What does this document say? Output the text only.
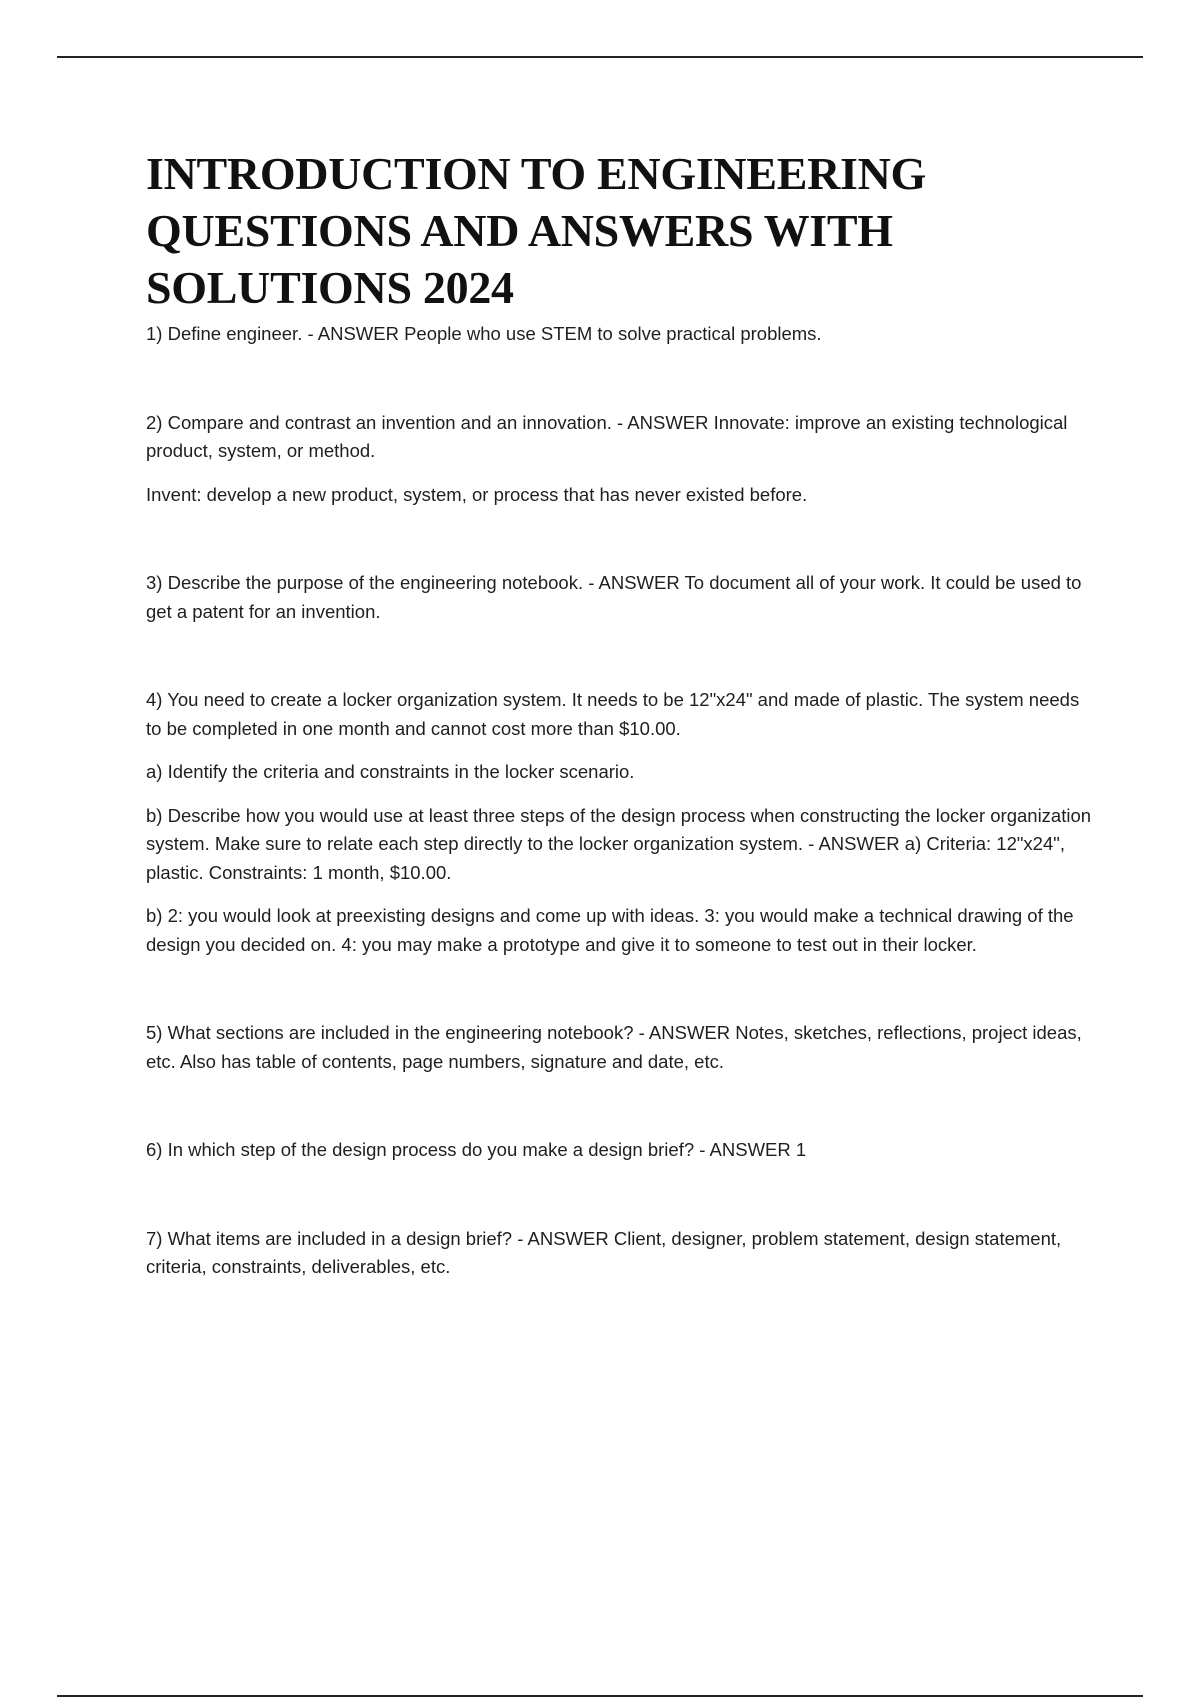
INTRODUCTION TO ENGINEERING QUESTIONS AND ANSWERS WITH SOLUTIONS 2024

1) Define engineer. - ANSWER People who use STEM to solve practical problems.

2) Compare and contrast an invention and an innovation. - ANSWER Innovate: improve an existing technological product, system, or method.

Invent: develop a new product, system, or process that has never existed before.

3) Describe the purpose of the engineering notebook. - ANSWER To document all of your work. It could be used to get a patent for an invention.

4) You need to create a locker organization system. It needs to be 12"x24" and made of plastic. The system needs to be completed in one month and cannot cost more than $10.00.

a) Identify the criteria and constraints in the locker scenario.

b) Describe how you would use at least three steps of the design process when constructing the locker organization system. Make sure to relate each step directly to the locker organization system. - ANSWER a) Criteria: 12"x24", plastic. Constraints: 1 month, $10.00.

b) 2: you would look at preexisting designs and come up with ideas. 3: you would make a technical drawing of the design you decided on. 4: you may make a prototype and give it to someone to test out in their locker.

5) What sections are included in the engineering notebook? - ANSWER Notes, sketches, reflections, project ideas, etc. Also has table of contents, page numbers, signature and date, etc.

6) In which step of the design process do you make a design brief? - ANSWER 1

7) What items are included in a design brief? - ANSWER Client, designer, problem statement, design statement, criteria, constraints, deliverables, etc.
